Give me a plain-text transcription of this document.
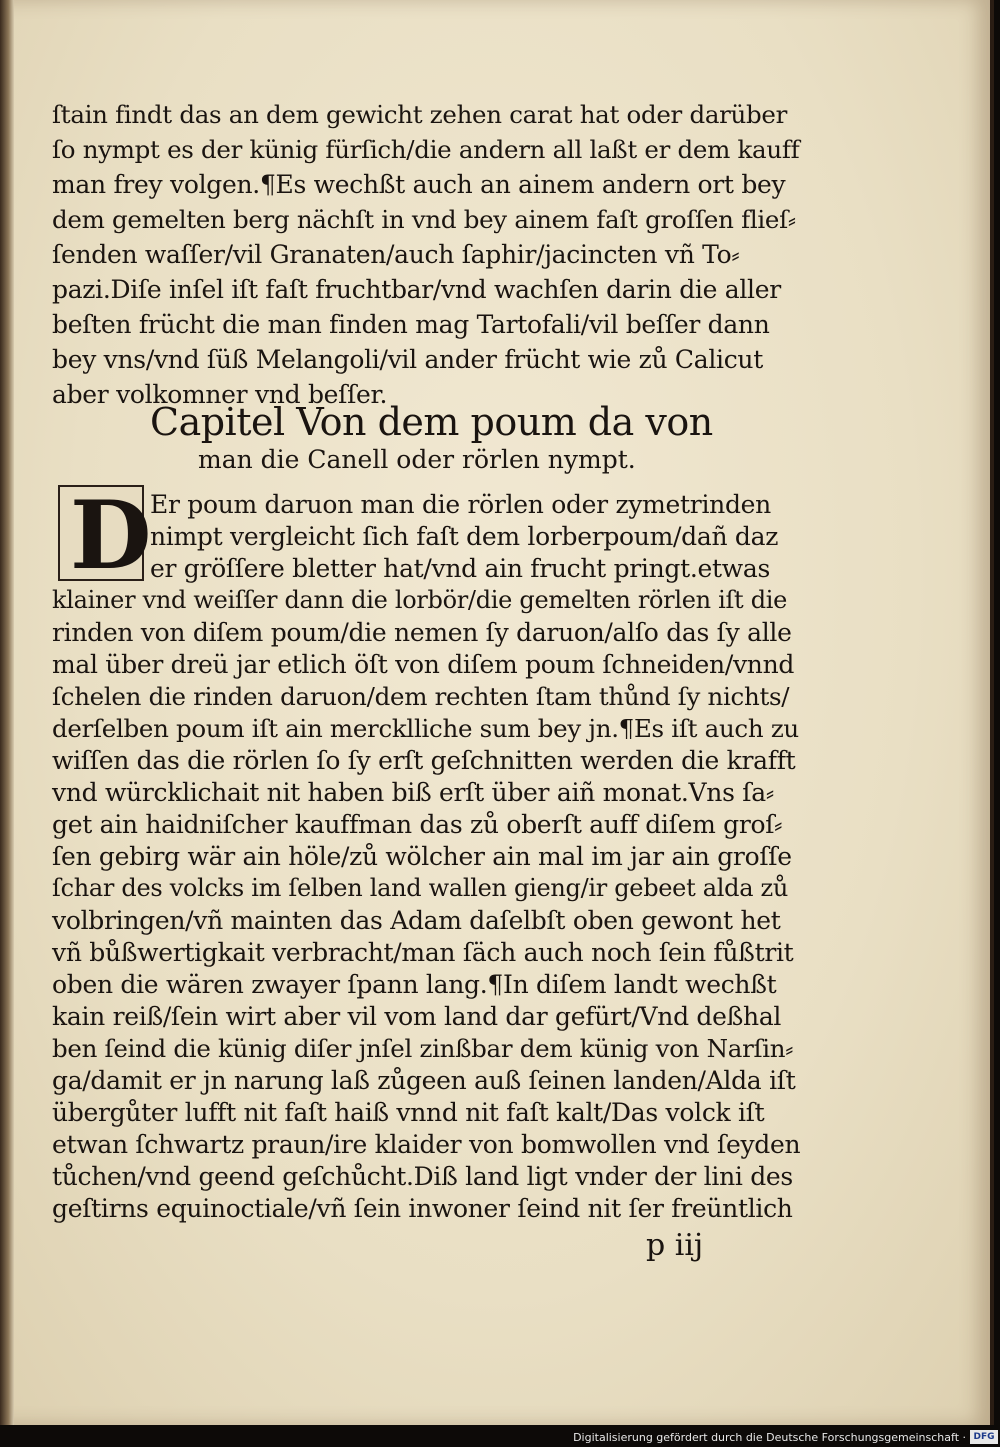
ſtain findt das an dem gewicht zehen carat hat oder darüber
ſo nympt es der künig fürſich/die andern all laßt er dem kauff
man frey volgen.¶Es wechßt auch an ainem andern ort bey
dem gemelten berg nächſt in vnd bey ainem faſt groſſen flieſ⸗
ſenden waſſer/vil Granaten/auch ſaphir/jacincten vñ To⸗
pazi.Diſe inſel iſt faſt fruchtbar/vnd wachſen darin die aller
beſten frücht die man finden mag Tartofali/vil beſſer dann
bey vns/vnd ſüß Melangoli/vil ander frücht wie zů Calicut
aber volkomner vnd beſſer.
Capitel Von dem poum da von
man die Canell oder rörlen nympt.
D
Er poum daruon man die rörlen oder zymetrinden
nimpt vergleicht ſich faſt dem lorberpoum/dañ daz
er gröſſere bletter hat/vnd ain frucht pringt.etwas
klainer vnd weiſſer dann die lorbör/die gemelten rörlen iſt die
rinden von diſem poum/die nemen ſy daruon/alſo das ſy alle
mal über dreü jar etlich öſt von diſem poum ſchneiden/vnnd
ſchelen die rinden daruon/dem rechten ſtam thůnd ſy nichts/
derſelben poum iſt ain mercklliche sum bey jn.¶Es iſt auch zu
wiſſen das die rörlen ſo ſy erſt geſchnitten werden die krafft
vnd würcklichait nit haben biß erſt über aiñ monat.Vns ſa⸗
get ain haidniſcher kauffman das zů oberſt auff diſem groſ⸗
ſen gebirg wär ain höle/zů wölcher ain mal im jar ain groſſe
ſchar des volcks im ſelben land wallen gieng/ir gebeet alda zů
volbringen/vñ mainten das Adam daſelbſt oben gewont het
vñ bůßwertigkait verbracht/man ſäch auch noch ſein fůßtrit
oben die wären zwayer ſpann lang.¶In diſem landt wechßt
kain reiß/ſein wirt aber vil vom land dar gefürt/Vnd deßhal
ben ſeind die künig diſer jnſel zinßbar dem künig von Narſin⸗
ga/damit er jn narung laß zůgeen auß ſeinen landen/Alda iſt
übergůter lufft nit faſt haiß vnnd nit faſt kalt/Das volck iſt
etwan ſchwartz praun/ire klaider von bomwollen vnd ſeyden
tůchen/vnd geend geſchůcht.Diß land ligt vnder der lini des
geſtirns equinoctiale/vñ ſein inwoner ſeind nit ſer freüntlich
p iij
Digitalisierung gefördert durch die Deutsche Forschungsgemeinschaft · DFG
